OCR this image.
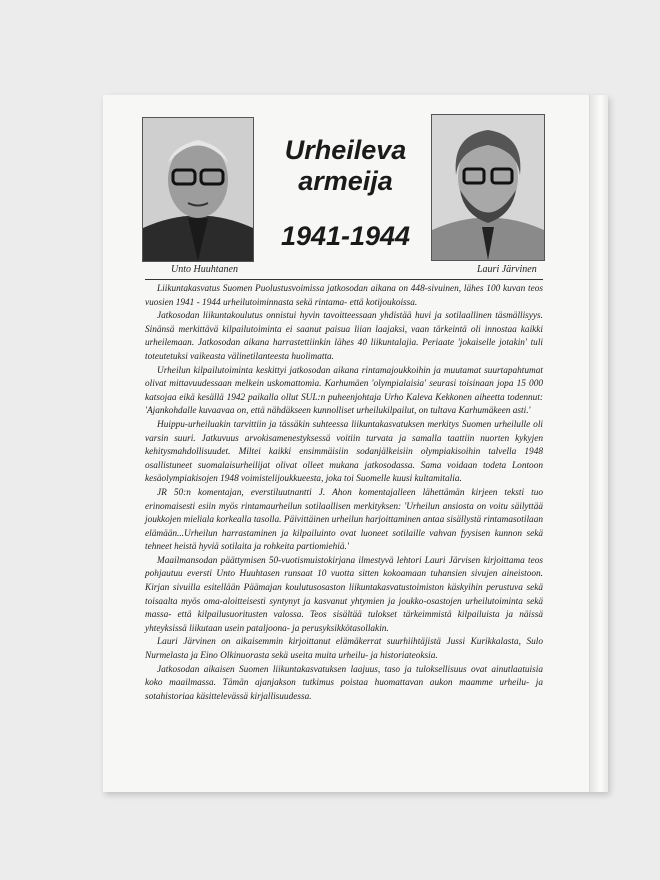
Unto Huuhtanen
Urheileva
armeija
1941-1944
Lauri Järvinen

Liikuntakasvatus Suomen Puolustusvoimissa jatkosodan aikana on 448-sivuinen, lähes 100 kuvan teos vuosien 1941 - 1944 urheilutoiminnasta sekä rintama- että kotijoukoissa.

Jatkosodan liikuntakoulutus onnistui hyvin tavoitteessaan yhdistää huvi ja sotilaallinen täsmällisyys. Sinänsä merkittävä kilpailutoiminta ei saanut paisua liian laajaksi, vaan tärkeintä oli innostaa kaikki urheilemaan. Jatkosodan aikana harrastettiinkin lähes 40 liikuntalajia. Periaate 'jokaiselle jotakin' tuli toteutetuksi vaikeasta välinetilanteesta huolimatta.

Urheilun kilpailutoiminta keskittyi jatkosodan aikana rintamajoukkoihin ja muutamat suurtapahtumat olivat mittavuudessaan melkein uskomattomia. Karhumäen 'olympialaisia' seurasi toisinaan jopa 15 000 katsojaa eikä kesällä 1942 paikalla ollut SUL:n puheenjohtaja Urho Kaleva Kekkonen aiheetta todennut: 'Ajankohdalle kuvaavaa on, että nähdäkseen kunnolliset urheilukilpailut, on tultava Karhumäkeen asti.'

Huippu-urheiluakin tarvittiin ja tässäkin suhteessa liikuntakasvatuksen merkitys Suomen urheilulle oli varsin suuri. Jatkuvuus arvokisamenestyksessä voitiin turvata ja samalla taattiin nuorten kykyjen kehitysmahdollisuudet. Miltei kaikki ensimmäisiin sodanjälkeisiin olympiakisoihin talvella 1948 osallistuneet suomalaisurheilijat olivat olleet mukana jatkosodassa. Sama voidaan todeta Lontoon kesäolympiakisojen 1948 voimistelijoukkueesta, joka toi Suomelle kuusi kultamitalia.

JR 50:n komentajan, everstiluutnantti J. Ahon komentajalleen lähettämän kirjeen teksti tuo erinomaisesti esiin myös rintamaurheilun sotilaallisen merkityksen: 'Urheilun ansiosta on voitu säilyttää joukkojen mieliala korkealla tasolla. Päivittäinen urheilun harjoittaminen antaa sisällystä rintamasotilaan elämään...Urheilun harrastaminen ja kilpailuinto ovat luoneet sotilaille vahvan fyysisen kunnon sekä tehneet heistä hyviä sotilaita ja rohkeita partiomiehiä.'

Maailmansodan päättymisen 50-vuotismuistokirjana ilmestyvä lehtori Lauri Järvisen kirjoittama teos pohjautuu eversti Unto Huuhtasen runsaat 10 vuotta sitten kokoamaan tuhansien sivujen aineistoon. Kirjan sivuilla esitellään Päämajan koulutusosaston liikuntakasvatustoimiston käskyihin perustuva sekä toisaalta myös oma-aloitteisesti syntynyt ja kasvanut yhtymien ja joukko-osastojen urheilutoiminta sekä massa- että kilpailusuoritusten valossa. Teos sisältää tulokset tärkeimmistä kilpailuista ja näissä yhteyksissä liikutaan usein pataljoona- ja perusyksikkötasollakin.

Lauri Järvinen on aikaisemmin kirjoittanut elämäkerrat suurhiihtäjistä Jussi Kurikkalasta, Sulo Nurmelasta ja Eino Olkinuorasta sekä useita muita urheilu- ja historiateoksia.

Jatkosodan aikaisen Suomen liikuntakasvatuksen laajuus, taso ja tuloksellisuus ovat ainutlaatuisia koko maailmassa. Tämän ajanjakson tutkimus poistaa huomattavan aukon maamme urheilu- ja sotahistoriaa käsittelevässä kirjallisuudessa.
